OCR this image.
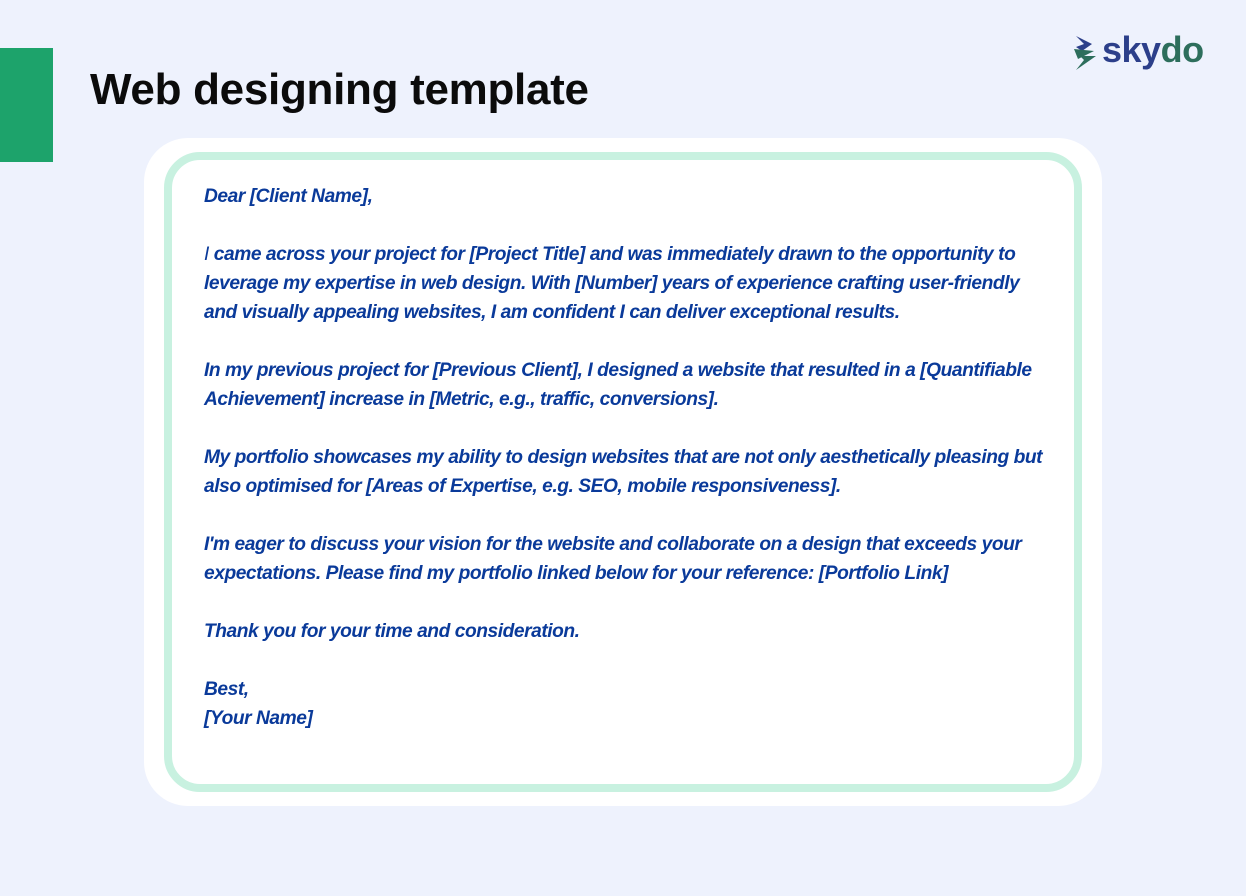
Web designing template
skydo

Dear [Client Name],

I came across your project for [Project Title] and was immediately drawn to the opportunity to leverage my expertise in web design. With [Number] years of experience crafting user-friendly and visually appealing websites, I am confident I can deliver exceptional results.

In my previous project for [Previous Client], I designed a website that resulted in a [Quantifiable Achievement] increase in [Metric, e.g., traffic, conversions].

My portfolio showcases my ability to design websites that are not only aesthetically pleasing but also optimised for [Areas of Expertise, e.g. SEO, mobile responsiveness].

I'm eager to discuss your vision for the website and collaborate on a design that exceeds your expectations. Please find my portfolio linked below for your reference: [Portfolio Link]

Thank you for your time and consideration.

Best,

[Your Name]
